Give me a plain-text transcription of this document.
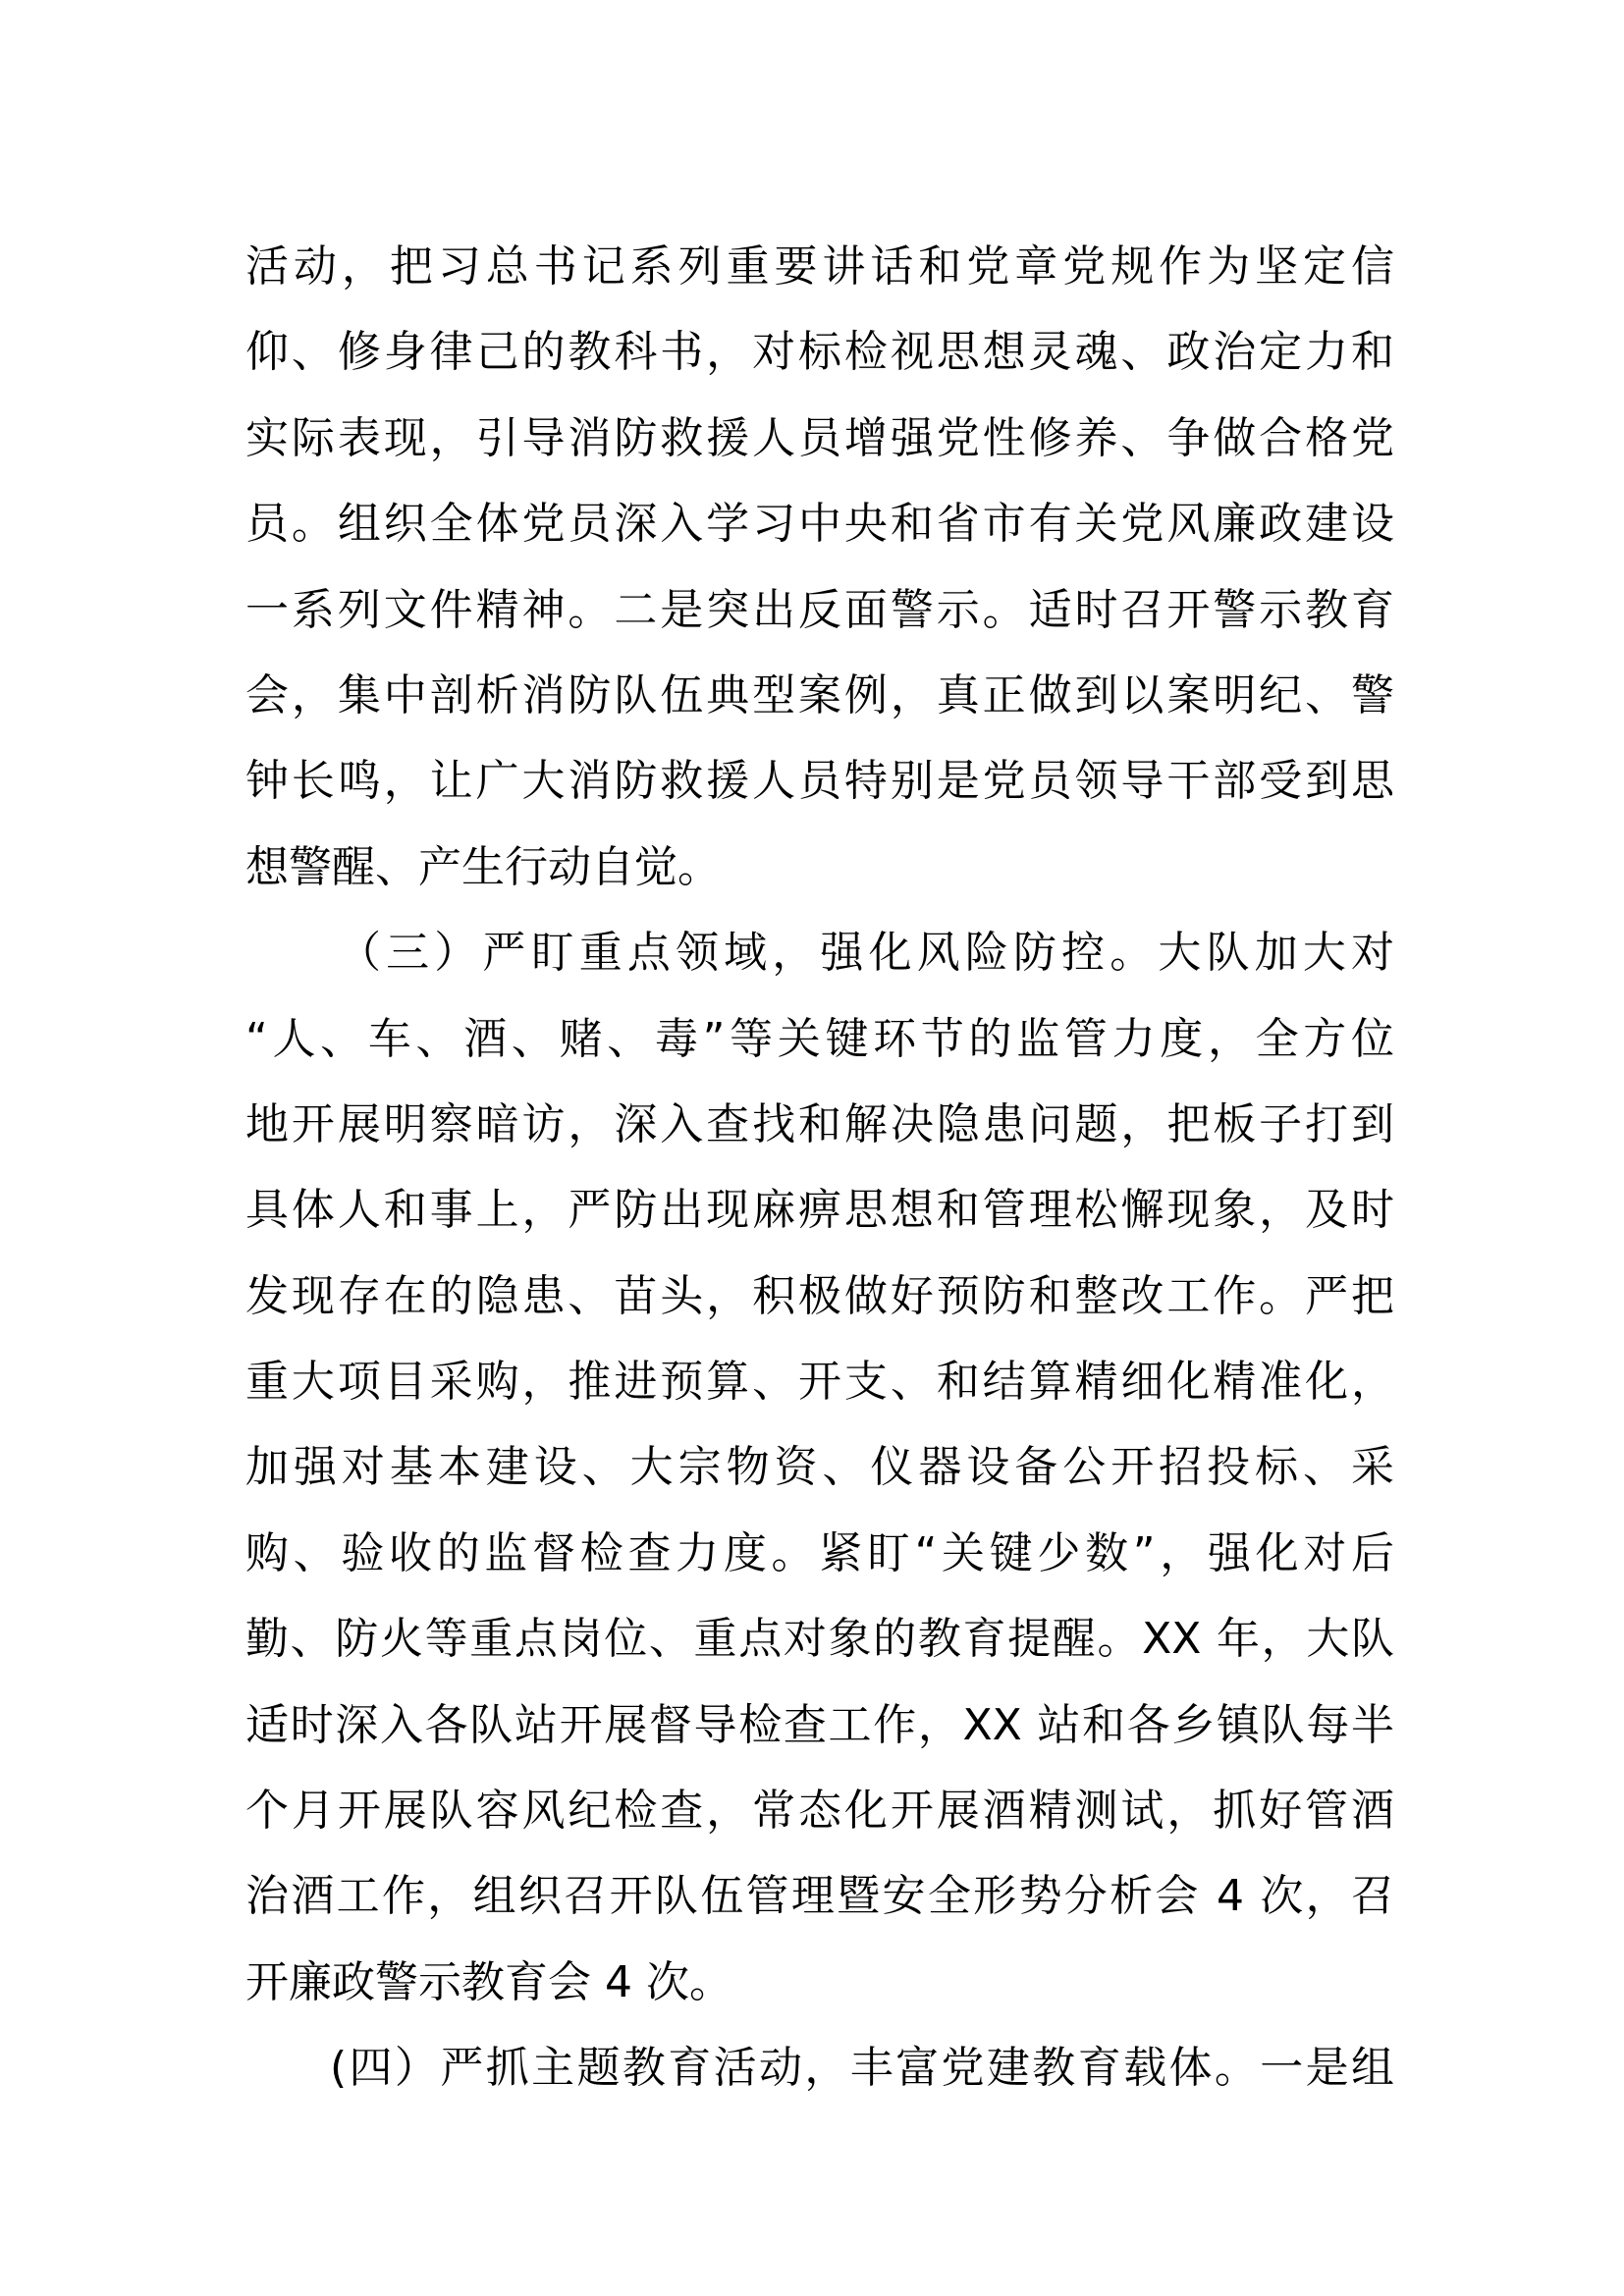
活动，把习总书记系列重要讲话和党章党规作为坚定信
仰、修身律己的教科书，对标检视思想灵魂、政治定力和
实际表现，引导消防救援人员增强党性修养、争做合格党
员。组织全体党员深入学习中央和省市有关党风廉政建设
一系列文件精神。二是突出反面警示。适时召开警示教育
会，集中剖析消防队伍典型案例，真正做到以案明纪、警
钟长鸣，让广大消防救援人员特别是党员领导干部受到思
想警醒、产生行动自觉。
（三）严盯重点领域，强化风险防控。大队加大对
“人、车、酒、赌、毒”等关键环节的监管力度，全方位
地开展明察暗访，深入查找和解决隐患问题，把板子打到
具体人和事上，严防出现麻痹思想和管理松懈现象，及时
发现存在的隐患、苗头，积极做好预防和整改工作。严把
重大项目采购，推进预算、开支、和结算精细化精准化，
加强对基本建设、大宗物资、仪器设备公开招投标、采
购、验收的监督检查力度。紧盯“关键少数”，强化对后
勤、防火等重点岗位、重点对象的教育提醒。XX 年，大队
适时深入各队站开展督导检查工作，XX 站和各乡镇队每半
个月开展队容风纪检查，常态化开展酒精测试，抓好管酒
治酒工作，组织召开队伍管理暨安全形势分析会 4 次，召
开廉政警示教育会 4 次。
(四）严抓主题教育活动，丰富党建教育载体。一是组
